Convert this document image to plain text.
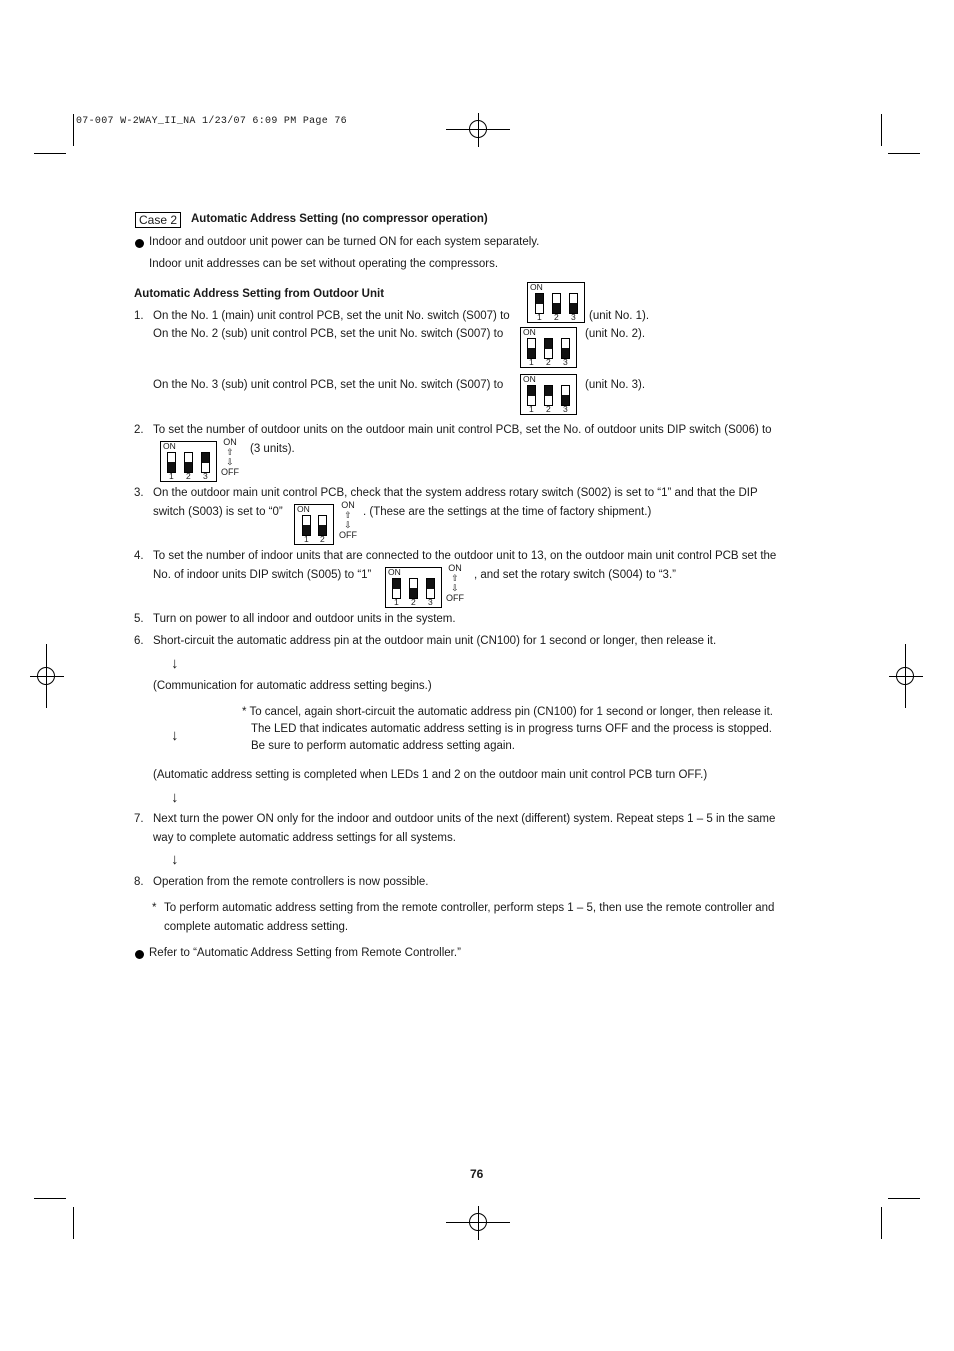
07-007 W-2WAY_II_NA 1/23/07 6:09 PM Page 76
Case 2	Automatic Address Setting (no compressor operation)
Indoor and outdoor unit power can be turned ON for each system separately.
Indoor unit addresses can be set without operating the compressors.
Automatic Address Setting from Outdoor Unit
1. On the No. 1 (main) unit control PCB, set the unit No. switch (S007) to
ON
1 2 3 (unit No. 1).
On the No. 2 (sub) unit control PCB, set the unit No. switch (S007) to ON
1 2 3
(unit No. 2).
On the No. 3 (sub) unit control PCB, set the unit No. switch (S007) to ON
1 2 3
(unit No. 3).
2. To set the number of outdoor units on the outdoor main unit control PCB, set the No. of outdoor units DIP switch (S006) to
ON
1 2 3
ON
⇧
⇩
OFF
(3 units).
3. On the outdoor main unit control PCB, check that the system address rotary switch (S002) is set to “1” and that the DIP
switch (S003) is set to “0” ON
1 2
ON
⇧
⇩
OFF
. (These are the settings at the time of factory shipment.)
4. To set the number of indoor units that are connected to the outdoor unit to 13, on the outdoor main unit control PCB set the
No. of indoor units DIP switch (S005) to “1” ON
1 2 3
ON
⇧
⇩
OFF
, and set the rotary switch (S004) to “3.”
5. Turn on power to all indoor and outdoor units in the system.
6. Short-circuit the automatic address pin at the outdoor main unit (CN100) for 1 second or longer, then release it.
↓
(Communication for automatic address setting begins.)
* To cancel, again short-circuit the automatic address pin (CN100) for 1 second or longer, then release it.
↓	The LED that indicates automatic address setting is in progress turns OFF and the process is stopped.
Be sure to perform automatic address setting again.
(Automatic address setting is completed when LEDs 1 and 2 on the outdoor main unit control PCB turn OFF.)
↓
7. Next turn the power ON only for the indoor and outdoor units of the next (different) system. Repeat steps 1 – 5 in the same
way to complete automatic address settings for all systems.
↓
8. Operation from the remote controllers is now possible.
* To perform automatic address setting from the remote controller, perform steps 1 – 5, then use the remote controller and
complete automatic address setting.
Refer to “Automatic Address Setting from Remote Controller.”
76
